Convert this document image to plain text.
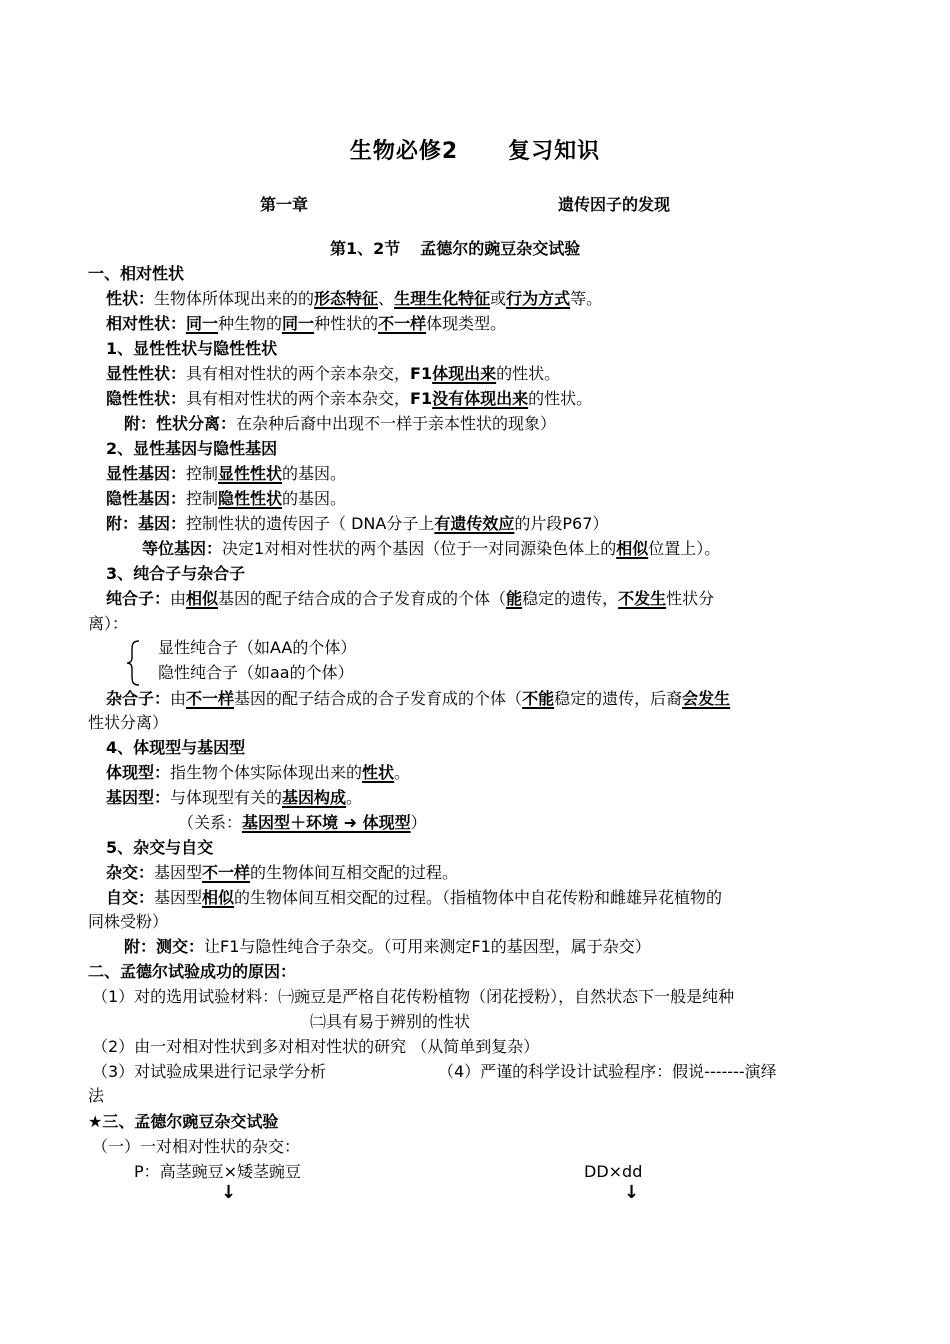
生物必修2 复习知识
第一章	遗传因子的发现
第1、2节 孟德尔的豌豆杂交试验
一、相对性状
性状：生物体所体现出来的的形态特征、生理生化特征或行为方式等。
相对性状：同一种生物的同一种性状的不一样体现类型。
1、显性性状与隐性性状
显性性状：具有相对性状的两个亲本杂交，F1体现出来的性状。
隐性性状：具有相对性状的两个亲本杂交，F1没有体现出来的性状。
附：性状分离：在杂种后裔中出现不一样于亲本性状的现象）
2、显性基因与隐性基因
显性基因：控制显性性状的基因。
隐性基因：控制隐性性状的基因。
附：基因：控制性状的遗传因子（ DNA分子上有遗传效应的片段P67）
等位基因：决定1对相对性状的两个基因（位于一对同源染色体上的相似位置上）。
3、纯合子与杂合子
纯合子：由相似基因的配子结合成的合子发育成的个体（能稳定的遗传，不发生性状分
离）：
显性纯合子（如AA的个体）
隐性纯合子（如aa的个体）
杂合子：由不一样基因的配子结合成的合子发育成的个体（不能稳定的遗传，后裔会发生
性状分离）
4、体现型与基因型
体现型：指生物个体实际体现出来的性状。
基因型：与体现型有关的基因构成。
（关系：基因型＋环境 ➜ 体现型）
5、杂交与自交
杂交：基因型不一样的生物体间互相交配的过程。
自交：基因型相似的生物体间互相交配的过程。（指植物体中自花传粉和雌雄异花植物的
同株受粉）
附：测交：让F1与隐性纯合子杂交。（可用来测定F1的基因型，属于杂交）
二、孟德尔试验成功的原因：
（1）对的选用试验材料：㈠豌豆是严格自花传粉植物（闭花授粉），自然状态下一般是纯种
㈡具有易于辨别的性状
（2）由一对相对性状到多对相对性状的研究 （从简单到复杂）
（3）对试验成果进行记录学分析	（4）严谨的科学设计试验程序：假说-------演绎
法
★三、孟德尔豌豆杂交试验
（一）一对相对性状的杂交：
P：高茎豌豆×矮茎豌豆	DD×dd
↓	↓
